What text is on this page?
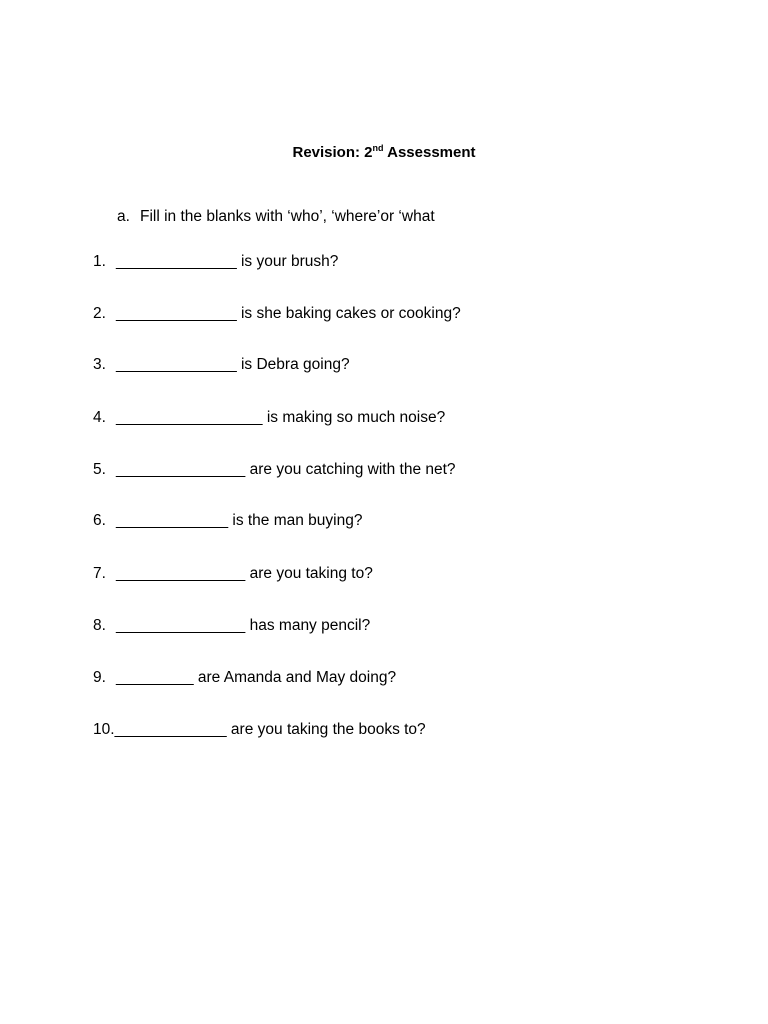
Revision: 2nd Assessment
a. Fill in the blanks with ‘who’, ‘where’or ‘what
1. ______________ is your brush?
2. ______________ is she baking cakes or cooking?
3. ______________ is Debra going?
4. _________________ is making so much noise?
5. _______________ are you catching with the net?
6. _____________ is the man buying?
7. _______________ are you taking to?
8. _______________ has many pencil?
9. _________ are Amanda and May doing?
10._____________ are you taking the books to?
